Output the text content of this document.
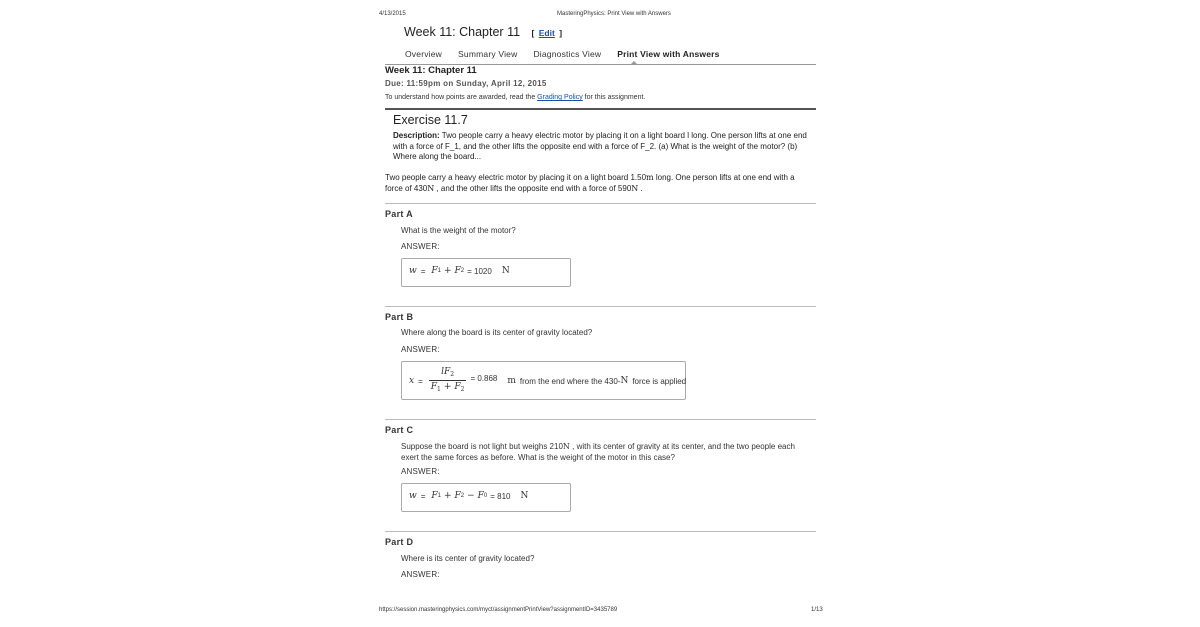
4/13/2015	MasteringPhysics: Print View with Answers
Week 11: Chapter 11 [ Edit ]
Overview Summary View Diagnostics View Print View with Answers
Week 11: Chapter 11
Due: 11:59pm on Sunday, April 12, 2015
To understand how points are awarded, read the Grading Policy for this assignment.
Exercise 11.7
Description: Two people carry a heavy electric motor by placing it on a light board l long. One person lifts at one end with a force of F_1, and the other lifts the opposite end with a force of F_2. (a) What is the weight of the motor? (b) Where along the board...
Two people carry a heavy electric motor by placing it on a light board 1.50m long. One person lifts at one end with a force of 430N , and the other lifts the opposite end with a force of 590N .
Part A
What is the weight of the motor?
ANSWER:
w = F 1 + F 2 = 1020 N
Part B
Where along the board is its center of gravity located?
ANSWER:
$x = \frac{lF_2}{F_1 + F_2} = 0.868$ m from the end where the 430- N force is applied
Part C
Suppose the board is not light but weighs 210N , with its center of gravity at its center, and the two people each exert the same forces as before. What is the weight of the motor in this case?
ANSWER:
w = F 1 + F 2 − F 0 = 810 N
Part D
Where is its center of gravity located?
ANSWER:
https://session.masteringphysics.com/myct/assignmentPrintView?assignmentID=3435789	1/13
